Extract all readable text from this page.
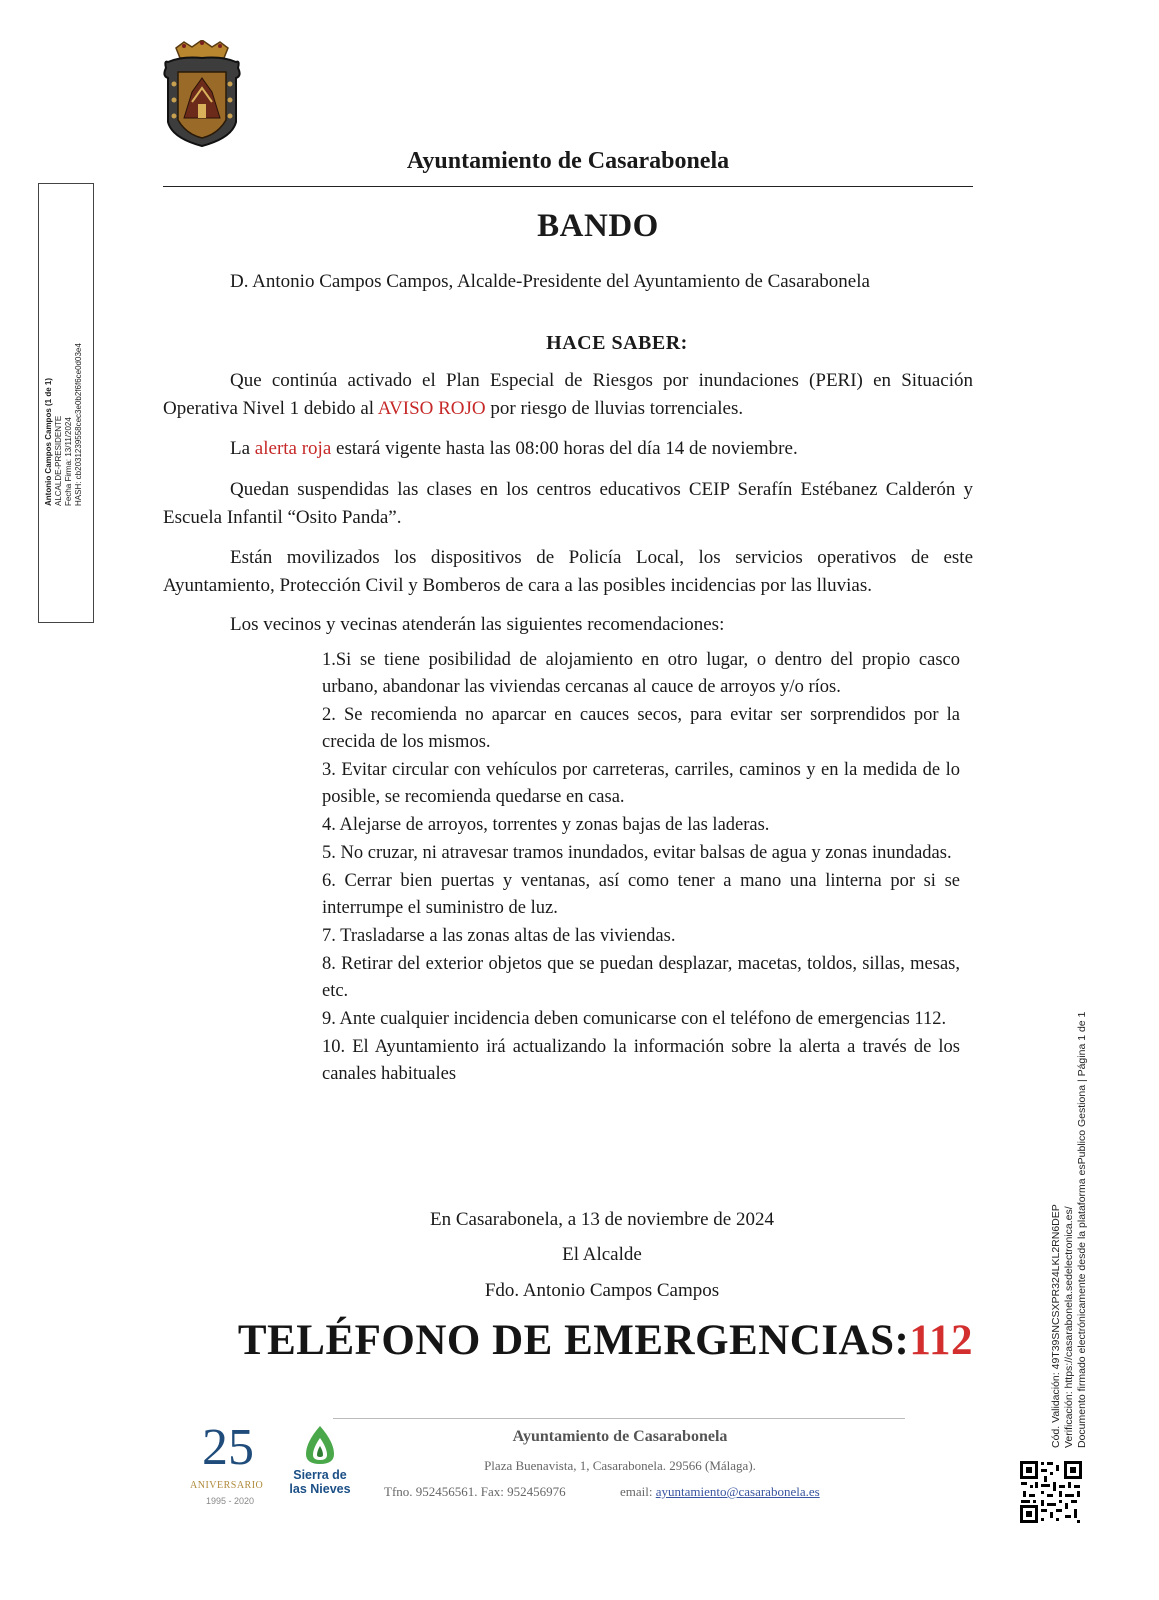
Ayuntamiento de Casarabonela
BANDO
D. Antonio Campos Campos, Alcalde-Presidente del Ayuntamiento de Casarabonela
HACE SABER:

Que continúa activado el Plan Especial de Riesgos por inundaciones (PERI) en Situación Operativa Nivel 1 debido al AVISO ROJO por riesgo de lluvias torrenciales.

La alerta roja estará vigente hasta las 08:00 horas del día 14 de noviembre.

Quedan suspendidas las clases en los centros educativos CEIP Serafín Estébanez Calderón y Escuela Infantil “Osito Panda”.

Están movilizados los dispositivos de Policía Local, los servicios operativos de este Ayuntamiento, Protección Civil y Bomberos de cara a las posibles incidencias por las lluvias.

Los vecinos y vecinas atenderán las siguientes recomendaciones:

1.Si se tiene posibilidad de alojamiento en otro lugar, o dentro del propio casco urbano, abandonar las viviendas cercanas al cauce de arroyos y/o ríos.
2. Se recomienda no aparcar en cauces secos, para evitar ser sorprendidos por la crecida de los mismos.
3. Evitar circular con vehículos por carreteras, carriles, caminos y en la medida de lo posible, se recomienda quedarse en casa.
4. Alejarse de arroyos, torrentes y zonas bajas de las laderas.
5. No cruzar, ni atravesar tramos inundados, evitar balsas de agua y zonas inundadas.
6. Cerrar bien puertas y ventanas, así como tener a mano una linterna por si se interrumpe el suministro de luz.
7. Trasladarse a las zonas altas de las viviendas.
8. Retirar del exterior objetos que se puedan desplazar, macetas, toldos, sillas, mesas, etc.
9. Ante cualquier incidencia deben comunicarse con el teléfono de emergencias 112.
10. El Ayuntamiento irá actualizando la información sobre la alerta a través de los canales habituales
En Casarabonela, a 13 de noviembre de 2024
El Alcalde
Fdo. Antonio Campos Campos
TELÉFONO DE EMERGENCIAS:112
25
ANIVERSARIO
1995 - 2020
Sierra de
las Nieves
Ayuntamiento de Casarabonela
Plaza Buenavista, 1, Casarabonela. 29566 (Málaga).
Tfno. 952456561. Fax: 952456976	email: ayuntamiento@casarabonela.es
Antonio Campos Campos (1 de 1) ALCALDE-PRESIDENTE Fecha Firma: 13/11/2024 HASH: cb2031239558cec3e0b2f6f6ce0d03e4
Cód. Validación: 49T39SNCSXPR324LKL2RN6DEP Verificación: https://casarabonela.sedelectronica.es/ Documento firmado electrónicamente desde la plataforma esPublico Gestiona | Página 1 de 1
